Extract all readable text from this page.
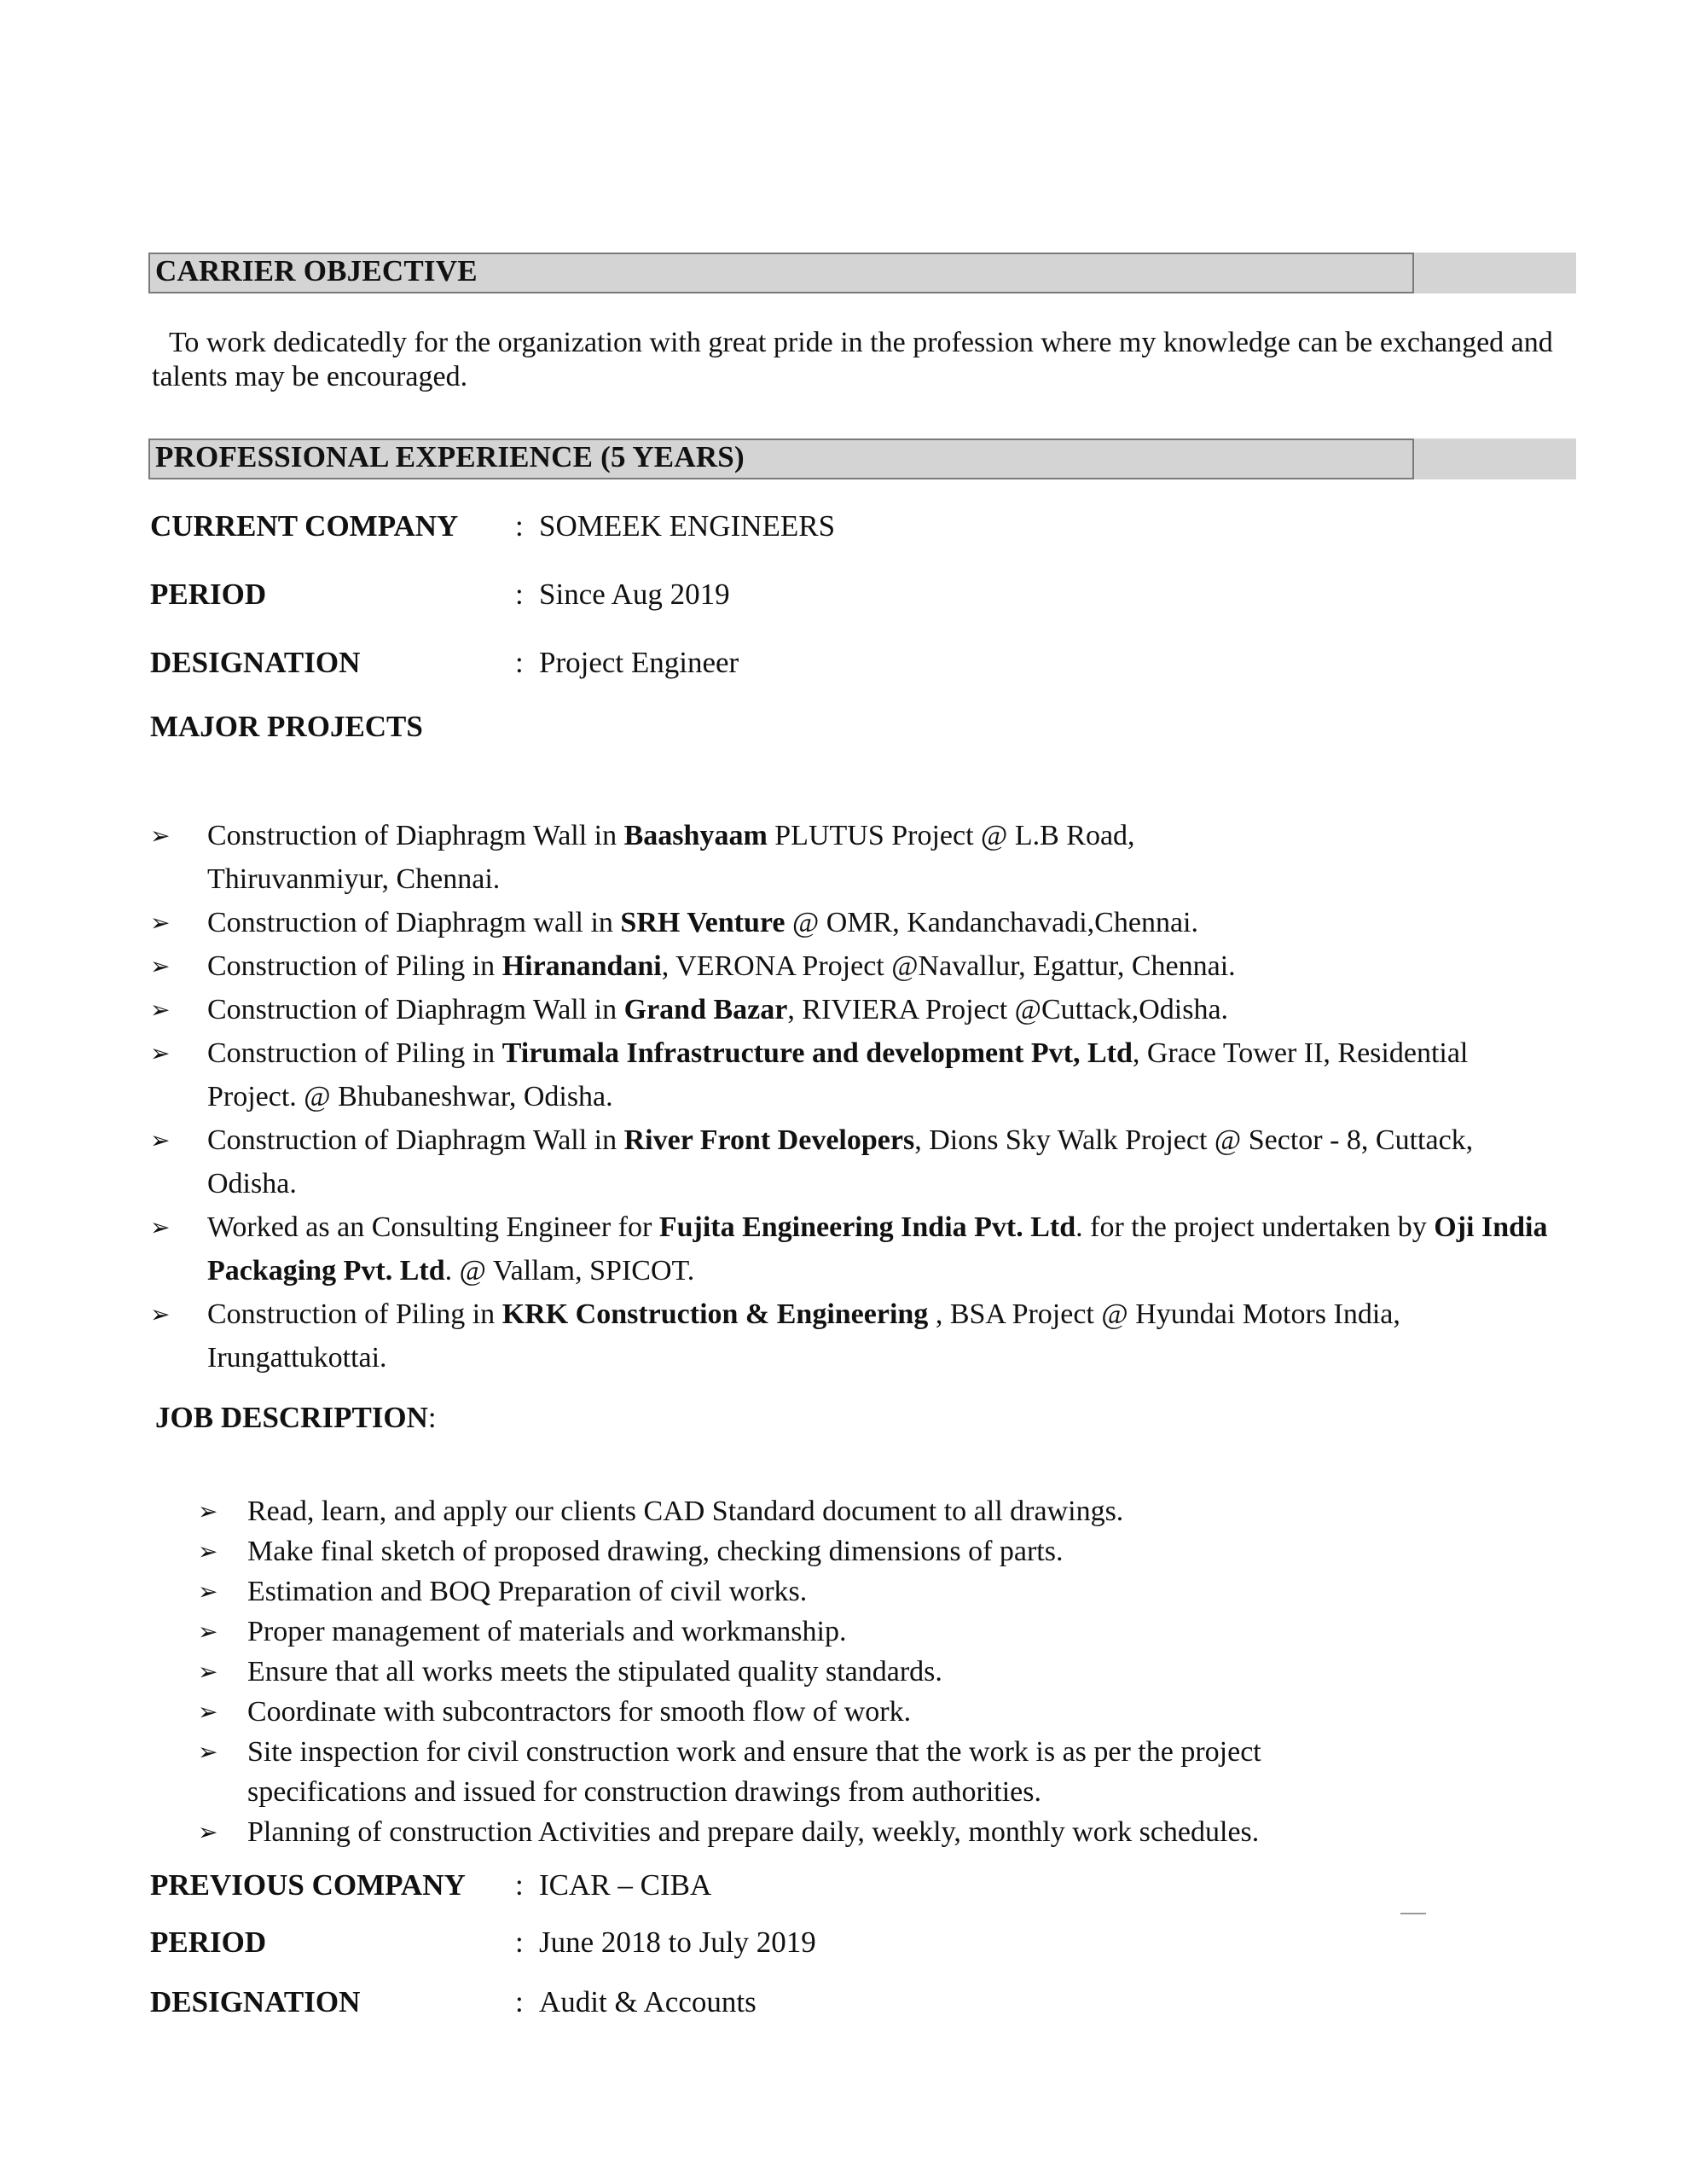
CARRIER OBJECTIVE
To work dedicatedly for the organization with great pride in the profession where my knowledge can be exchanged and talents may be encouraged.
PROFESSIONAL EXPERIENCE (5 YEARS)
CURRENT COMPANY : SOMEEK ENGINEERS
PERIOD	: Since Aug 2019
DESIGNATION	: Project Engineer
MAJOR PROJECTS
➢ Construction of Diaphragm Wall in Baashyaam PLUTUS Project @ L.B Road,
Thiruvanmiyur, Chennai.
➢ Construction of Diaphragm wall in SRH Venture @ OMR, Kandanchavadi,Chennai.
➢ Construction of Piling in Hiranandani, VERONA Project @Navallur, Egattur, Chennai.
➢ Construction of Diaphragm Wall in Grand Bazar, RIVIERA Project @Cuttack,Odisha.
➢ Construction of Piling in Tirumala Infrastructure and development Pvt, Ltd, Grace Tower II, Residential
Project. @ Bhubaneshwar, Odisha.
➢ Construction of Diaphragm Wall in River Front Developers, Dions Sky Walk Project @ Sector - 8, Cuttack,
Odisha.
➢ Worked as an Consulting Engineer for Fujita Engineering India Pvt. Ltd. for the project undertaken by Oji India
Packaging Pvt. Ltd. @ Vallam, SPICOT.
➢ Construction of Piling in KRK Construction & Engineering , BSA Project @ Hyundai Motors India,
Irungattukottai.
JOB DESCRIPTION:
➢ Read, learn, and apply our clients CAD Standard document to all drawings.
➢ Make final sketch of proposed drawing, checking dimensions of parts.
➢ Estimation and BOQ Preparation of civil works.
➢ Proper management of materials and workmanship.
➢ Ensure that all works meets the stipulated quality standards.
➢ Coordinate with subcontractors for smooth flow of work.
➢ Site inspection for civil construction work and ensure that the work is as per the project specifications and issued for construction drawings from authorities.
➢ Planning of construction Activities and prepare daily, weekly, monthly work schedules.
PREVIOUS COMPANY : ICAR – CIBA
PERIOD	: June 2018 to July 2019
DESIGNATION	: Audit & Accounts
